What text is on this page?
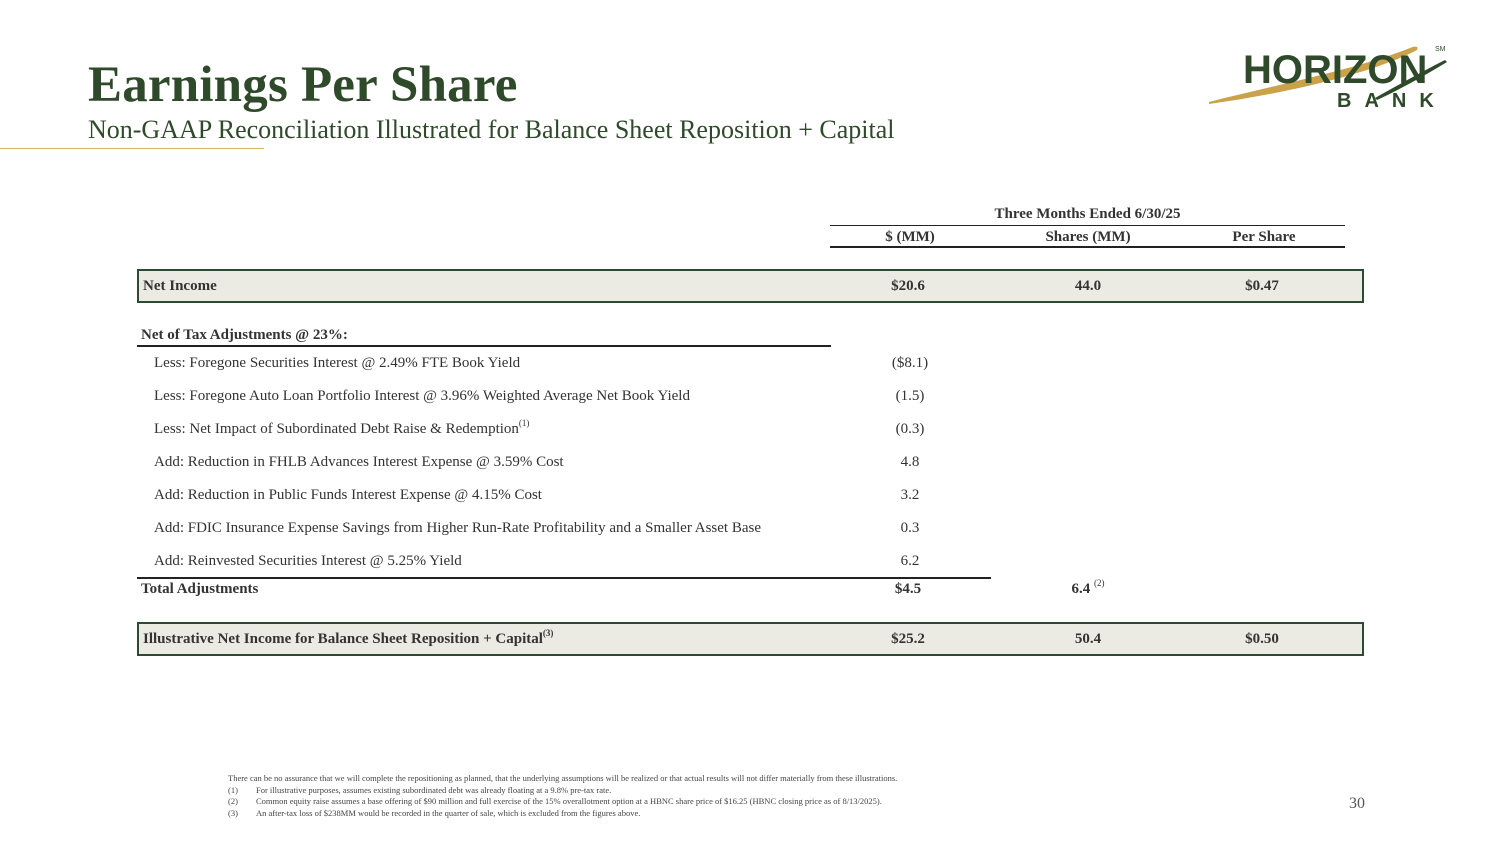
Earnings Per Share
Non-GAAP Reconciliation Illustrated for Balance Sheet Reposition + Capital
HORIZON SM
BANK
Three Months Ended 6/30/25
$ (MM)	Shares (MM)	Per Share
Net Income	$20.6	44.0	$0.47
Net of Tax Adjustments @ 23%:
Less: Foregone Securities Interest @ 2.49% FTE Book Yield	($8.1)
Less: Foregone Auto Loan Portfolio Interest @ 3.96% Weighted Average Net Book Yield	(1.5)
Less: Net Impact of Subordinated Debt Raise & Redemption$^{(1)}$	(0.3)
Add: Reduction in FHLB Advances Interest Expense @ 3.59% Cost	4.8
Add: Reduction in Public Funds Interest Expense @ 4.15% Cost	3.2
Add: FDIC Insurance Expense Savings from Higher Run-Rate Profitability and a Smaller Asset Base	0.3
Add: Reinvested Securities Interest @ 5.25% Yield	6.2
Total Adjustments	$4.5	6.4 $^{(2)}$
Illustrative Net Income for Balance Sheet Reposition + Capital$^{(3)}$	$25.2	50.4	$0.50
There can be no assurance that we will complete the repositioning as planned, that the underlying assumptions will be realized or that actual results will not differ materially from these illustrations.
(1)	For illustrative purposes, assumes existing subordinated debt was already floating at a 9.8% pre-tax rate.
(2)	Common equity raise assumes a base offering of $90 million and full exercise of the 15% overallotment option at a HBNC share price of $16.25 (HBNC closing price as of 8/13/2025).
(3)	An after-tax loss of $238MM would be recorded in the quarter of sale, which is excluded from the figures above.
30
